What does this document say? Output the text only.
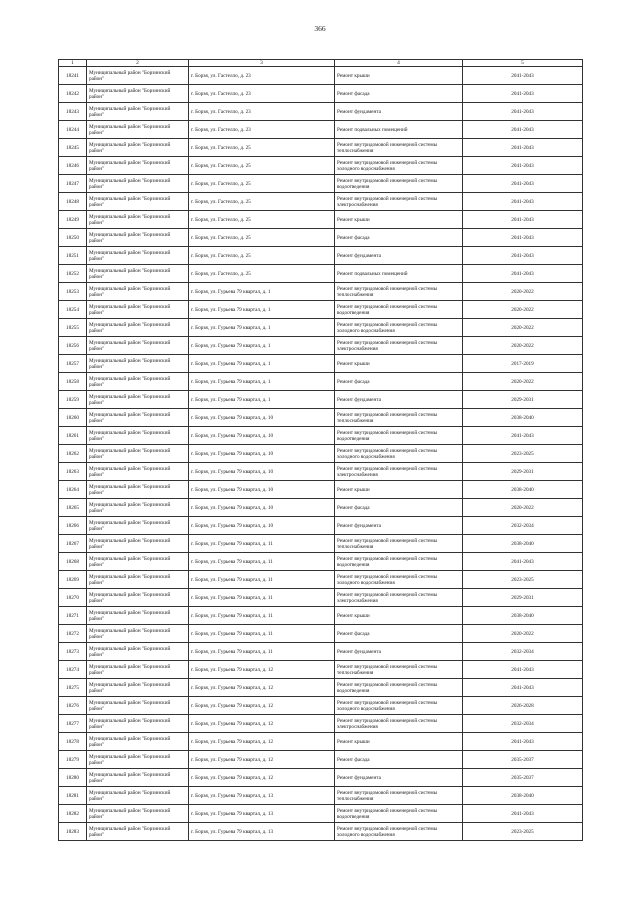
366
1	2	3	4	5
18241	Муниципальный район "Борзинский район"	г. Борзя, ул. Гастелло, д. 23	Ремонт крыши	2041-2043
18242	Муниципальный район "Борзинский район"	г. Борзя, ул. Гастелло, д. 23	Ремонт фасада	2041-2043
18243	Муниципальный район "Борзинский район"	г. Борзя, ул. Гастелло, д. 23	Ремонт фундамента	2041-2043
18244	Муниципальный район "Борзинский район"	г. Борзя, ул. Гастелло, д. 23	Ремонт подвальных помещений	2041-2043
18245	Муниципальный район "Борзинский район"	г. Борзя, ул. Гастелло, д. 25	Ремонт внутридомовой инженерной системы теплоснабжения	2041-2043
18246	Муниципальный район "Борзинский район"	г. Борзя, ул. Гастелло, д. 25	Ремонт внутридомовой инженерной системы холодного водоснабжения	2041-2043
18247	Муниципальный район "Борзинский район"	г. Борзя, ул. Гастелло, д. 25	Ремонт внутридомовой инженерной системы водоотведения	2041-2043
18248	Муниципальный район "Борзинский район"	г. Борзя, ул. Гастелло, д. 25	Ремонт внутридомовой инженерной системы электроснабжения	2041-2043
18249	Муниципальный район "Борзинский район"	г. Борзя, ул. Гастелло, д. 25	Ремонт крыши	2041-2043
18250	Муниципальный район "Борзинский район"	г. Борзя, ул. Гастелло, д. 25	Ремонт фасада	2041-2043
18251	Муниципальный район "Борзинский район"	г. Борзя, ул. Гастелло, д. 25	Ремонт фундамента	2041-2043
18252	Муниципальный район "Борзинский район"	г. Борзя, ул. Гастелло, д. 25	Ремонт подвальных помещений	2041-2043
18253	Муниципальный район "Борзинский район"	г. Борзя, ул. Гурьева 79 квартал, д. 1	Ремонт внутридомовой инженерной системы теплоснабжения	2020-2022
18254	Муниципальный район "Борзинский район"	г. Борзя, ул. Гурьева 79 квартал, д. 1	Ремонт внутридомовой инженерной системы водоотведения	2020-2022
18255	Муниципальный район "Борзинский район"	г. Борзя, ул. Гурьева 79 квартал, д. 1	Ремонт внутридомовой инженерной системы холодного водоснабжения	2020-2022
18256	Муниципальный район "Борзинский район"	г. Борзя, ул. Гурьева 79 квартал, д. 1	Ремонт внутридомовой инженерной системы электроснабжения	2020-2022
18257	Муниципальный район "Борзинский район"	г. Борзя, ул. Гурьева 79 квартал, д. 1	Ремонт крыши	2017-2019
18258	Муниципальный район "Борзинский район"	г. Борзя, ул. Гурьева 79 квартал, д. 1	Ремонт фасада	2020-2022
18259	Муниципальный район "Борзинский район"	г. Борзя, ул. Гурьева 79 квартал, д. 1	Ремонт фундамента	2029-2031
18260	Муниципальный район "Борзинский район"	г. Борзя, ул. Гурьева 79 квартал, д. 10	Ремонт внутридомовой инженерной системы теплоснабжения	2038-2040
18261	Муниципальный район "Борзинский район"	г. Борзя, ул. Гурьева 79 квартал, д. 10	Ремонт внутридомовой инженерной системы водоотведения	2041-2043
18262	Муниципальный район "Борзинский район"	г. Борзя, ул. Гурьева 79 квартал, д. 10	Ремонт внутридомовой инженерной системы холодного водоснабжения	2023-2025
18263	Муниципальный район "Борзинский район"	г. Борзя, ул. Гурьева 79 квартал, д. 10	Ремонт внутридомовой инженерной системы электроснабжения	2029-2031
18264	Муниципальный район "Борзинский район"	г. Борзя, ул. Гурьева 79 квартал, д. 10	Ремонт крыши	2038-2040
18265	Муниципальный район "Борзинский район"	г. Борзя, ул. Гурьева 79 квартал, д. 10	Ремонт фасада	2020-2022
18266	Муниципальный район "Борзинский район"	г. Борзя, ул. Гурьева 79 квартал, д. 10	Ремонт фундамента	2032-2034
18267	Муниципальный район "Борзинский район"	г. Борзя, ул. Гурьева 79 квартал, д. 11	Ремонт внутридомовой инженерной системы теплоснабжения	2038-2040
18268	Муниципальный район "Борзинский район"	г. Борзя, ул. Гурьева 79 квартал, д. 11	Ремонт внутридомовой инженерной системы водоотведения	2041-2043
18269	Муниципальный район "Борзинский район"	г. Борзя, ул. Гурьева 79 квартал, д. 11	Ремонт внутридомовой инженерной системы холодного водоснабжения	2023-2025
18270	Муниципальный район "Борзинский район"	г. Борзя, ул. Гурьева 79 квартал, д. 11	Ремонт внутридомовой инженерной системы электроснабжения	2029-2031
18271	Муниципальный район "Борзинский район"	г. Борзя, ул. Гурьева 79 квартал, д. 11	Ремонт крыши	2038-2040
18272	Муниципальный район "Борзинский район"	г. Борзя, ул. Гурьева 79 квартал, д. 11	Ремонт фасада	2020-2022
18273	Муниципальный район "Борзинский район"	г. Борзя, ул. Гурьева 79 квартал, д. 11	Ремонт фундамента	2032-2034
18274	Муниципальный район "Борзинский район"	г. Борзя, ул. Гурьева 79 квартал, д. 12	Ремонт внутридомовой инженерной системы теплоснабжения	2041-2043
18275	Муниципальный район "Борзинский район"	г. Борзя, ул. Гурьева 79 квартал, д. 12	Ремонт внутридомовой инженерной системы водоотведения	2041-2043
18276	Муниципальный район "Борзинский район"	г. Борзя, ул. Гурьева 79 квартал, д. 12	Ремонт внутридомовой инженерной системы холодного водоснабжения	2026-2028
18277	Муниципальный район "Борзинский район"	г. Борзя, ул. Гурьева 79 квартал, д. 12	Ремонт внутридомовой инженерной системы электроснабжения	2032-2034
18278	Муниципальный район "Борзинский район"	г. Борзя, ул. Гурьева 79 квартал, д. 12	Ремонт крыши	2041-2043
18279	Муниципальный район "Борзинский район"	г. Борзя, ул. Гурьева 79 квартал, д. 12	Ремонт фасада	2035-2037
18280	Муниципальный район "Борзинский район"	г. Борзя, ул. Гурьева 79 квартал, д. 12	Ремонт фундамента	2035-2037
18281	Муниципальный район "Борзинский район"	г. Борзя, ул. Гурьева 79 квартал, д. 13	Ремонт внутридомовой инженерной системы теплоснабжения	2038-2040
18282	Муниципальный район "Борзинский район"	г. Борзя, ул. Гурьева 79 квартал, д. 13	Ремонт внутридомовой инженерной системы водоотведения	2041-2043
18283	Муниципальный район "Борзинский район"	г. Борзя, ул. Гурьева 79 квартал, д. 13	Ремонт внутридомовой инженерной системы холодного водоснабжения	2023-2025
